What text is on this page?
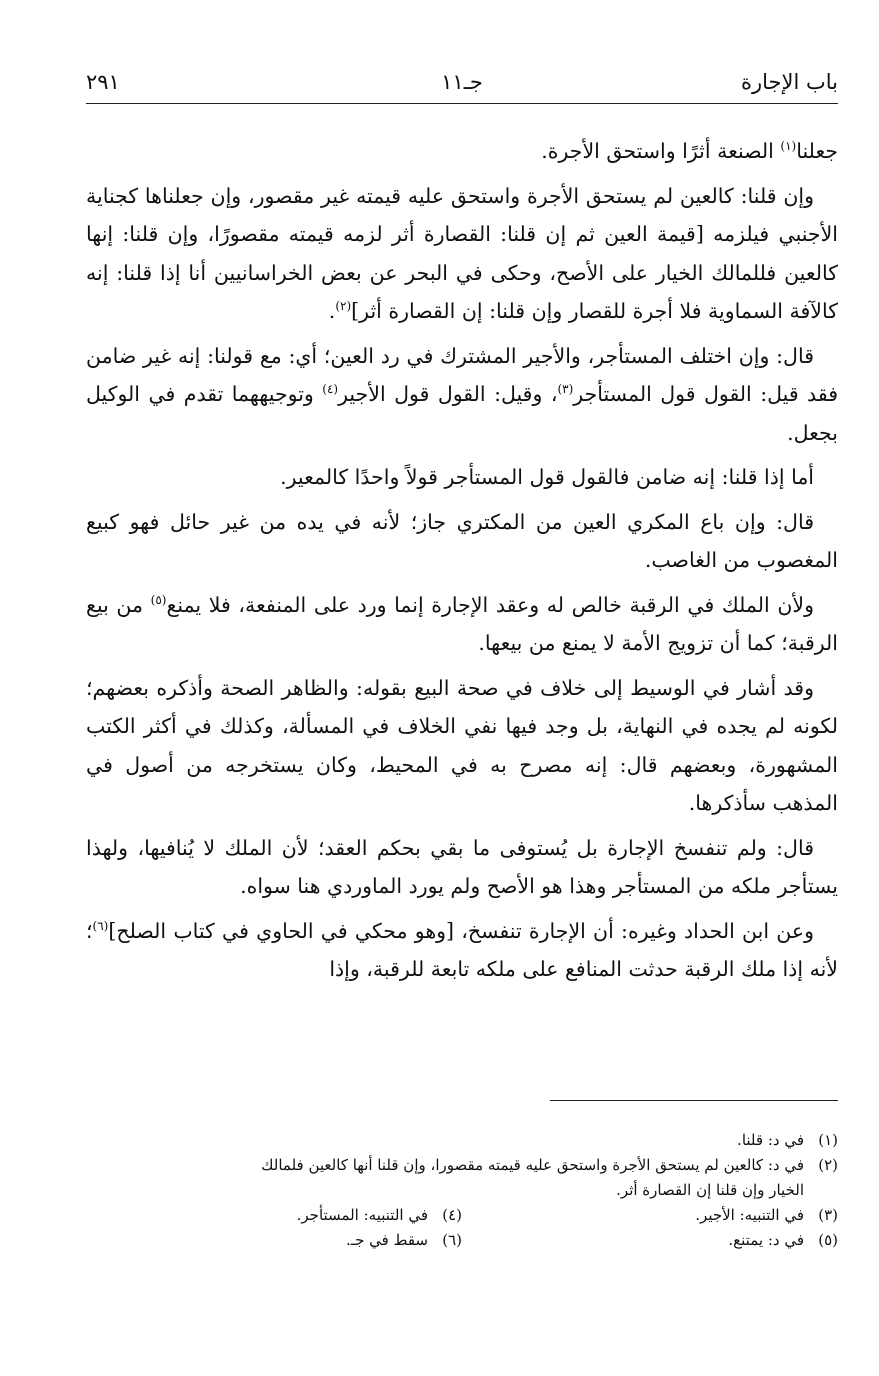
باب الإجارة
جـ١١
٢٩١

جعلنا$^{(١)}$ الصنعة أثرًا واستحق الأجرة.

وإن قلنا: كالعين لم يستحق الأجرة واستحق عليه قيمته غير مقصور، وإن جعلناها كجناية الأجنبي فيلزمه [قيمة العين ثم إن قلنا: القصارة أثر لزمه قيمته مقصورًا، وإن قلنا: إنها كالعين فللمالك الخيار على الأصح، وحكى في البحر عن بعض الخراسانيين أنا إذا قلنا: إنه كالآفة السماوية فلا أجرة للقصار وإن قلنا: إن القصارة أثر]$^{(٢)}$.

قال: وإن اختلف المستأجر، والأجير المشترك في رد العين؛ أي: مع قولنا: إنه غير ضامن فقد قيل: القول قول المستأجر$^{(٣)}$، وقيل: القول قول الأجير$^{(٤)}$ وتوجيههما تقدم في الوكيل بجعل.

أما إذا قلنا: إنه ضامن فالقول قول المستأجر قولاً واحدًا كالمعير.

قال: وإن باع المكري العين من المكتري جاز؛ لأنه في يده من غير حائل فهو كبيع المغصوب من الغاصب.

ولأن الملك في الرقبة خالص له وعقد الإجارة إنما ورد على المنفعة، فلا يمنع$^{(٥)}$ من بيع الرقبة؛ كما أن تزويج الأمة لا يمنع من بيعها.

وقد أشار في الوسيط إلى خلاف في صحة البيع بقوله: والظاهر الصحة وأذكره بعضهم؛ لكونه لم يجده في النهاية، بل وجد فيها نفي الخلاف في المسألة، وكذلك في أكثر الكتب المشهورة، وبعضهم قال: إنه مصرح به في المحيط، وكان يستخرجه من أصول في المذهب سأذكرها.

قال: ولم تنفسخ الإجارة بل يُستوفى ما بقي بحكم العقد؛ لأن الملك لا يُنافيها، ولهذا يستأجر ملكه من المستأجر وهذا هو الأصح ولم يورد الماوردي هنا سواه.

وعن ابن الحداد وغيره: أن الإجارة تنفسخ، [وهو محكي في الحاوي في كتاب الصلح]$^{(٦)}$؛ لأنه إذا ملك الرقبة حدثت المنافع على ملكه تابعة للرقبة، وإذا

(١)في د: قلنا.

(٢)في د: كالعين لم يستحق الأجرة واستحق عليه قيمته مقصورا، وإن قلنا أنها كالعين فلمالك

الخيار وإن قلنا إن القصارة أثر.

(٣)في التنبيه: الأجير.

(٤)في التنبيه: المستأجر.

(٥)في د: يمتنع.

(٦)سقط في جـ.
